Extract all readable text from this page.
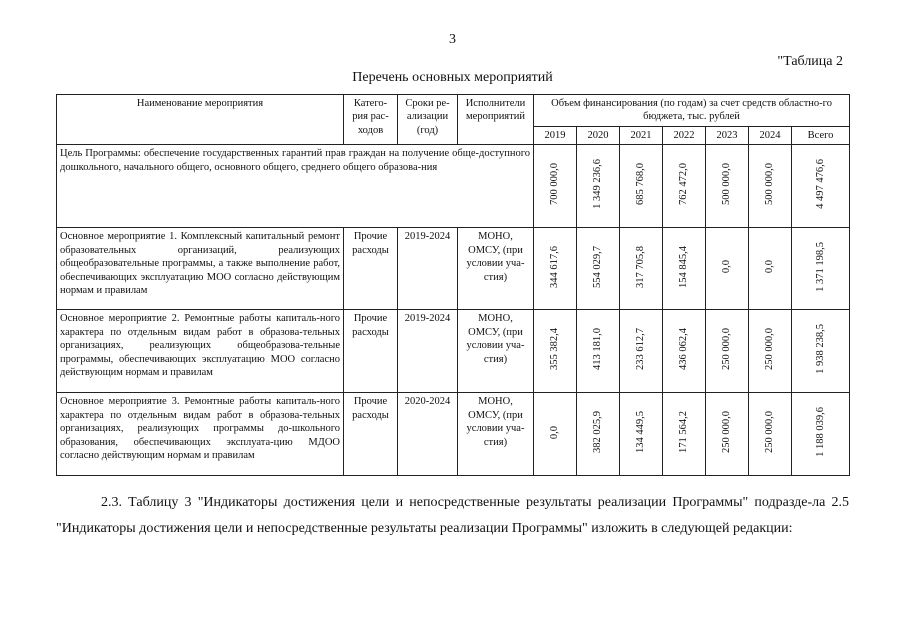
3
"Таблица 2
Перечень основных мероприятий
Наименование мероприятия	Катего-рия рас-ходов	Сроки ре-ализации (год)	Исполнители мероприятий	Объем финансирования (по годам) за счет средств областно-го бюджета, тыс. рублей						
				2019	2020	2021	2022	2023	2024	Всего
Цель Программы: обеспечение государственных гарантий прав граждан на получение обще-доступного дошкольного, начального общего, основного общего, среднего общего образова-ния				700 000,0	1 349 236,6	685 768,0	762 472,0	500 000,0	500 000,0	4 497 476,6
Основное мероприятие 1. Комплексный капитальный ремонт образовательных организаций, реализующих общеобразовательные программы, а также выполнение работ, обеспечивающих эксплуатацию МОО согласно действующим нормам и правилам	Прочие расходы	2019-2024	МОНО, ОМСУ, (при условии уча-стия)	344 617,6	554 029,7	317 705,8	154 845,4	0,0	0,0	1 371 198,5
Основное мероприятие 2. Ремонтные работы капиталь-ного характера по отдельным видам работ в образова-тельных организациях, реализующих общеобразова-тельные программы, обеспечивающих эксплуатацию МОО согласно действующим нормам и правилам	Прочие расходы	2019-2024	МОНО, ОМСУ, (при условии уча-стия)	355 382,4	413 181,0	233 612,7	436 062,4	250 000,0	250 000,0	1 938 238,5
Основное мероприятие 3. Ремонтные работы капиталь-ного характера по отдельным видам работ в образова-тельных организациях, реализующих программы до-школьного образования, обеспечивающих эксплуата-цию МДОО согласно действующим нормам и правилам	Прочие расходы	2020-2024	МОНО, ОМСУ, (при условии уча-стия)	0,0	382 025,9	134 449,5	171 564,2	250 000,0	250 000,0	1 188 039,6
2.3. Таблицу 3 "Индикаторы достижения цели и непосредственные результаты реализации Программы" подразде-ла 2.5 "Индикаторы достижения цели и непосредственные результаты реализации Программы" изложить в следующей редакции:
